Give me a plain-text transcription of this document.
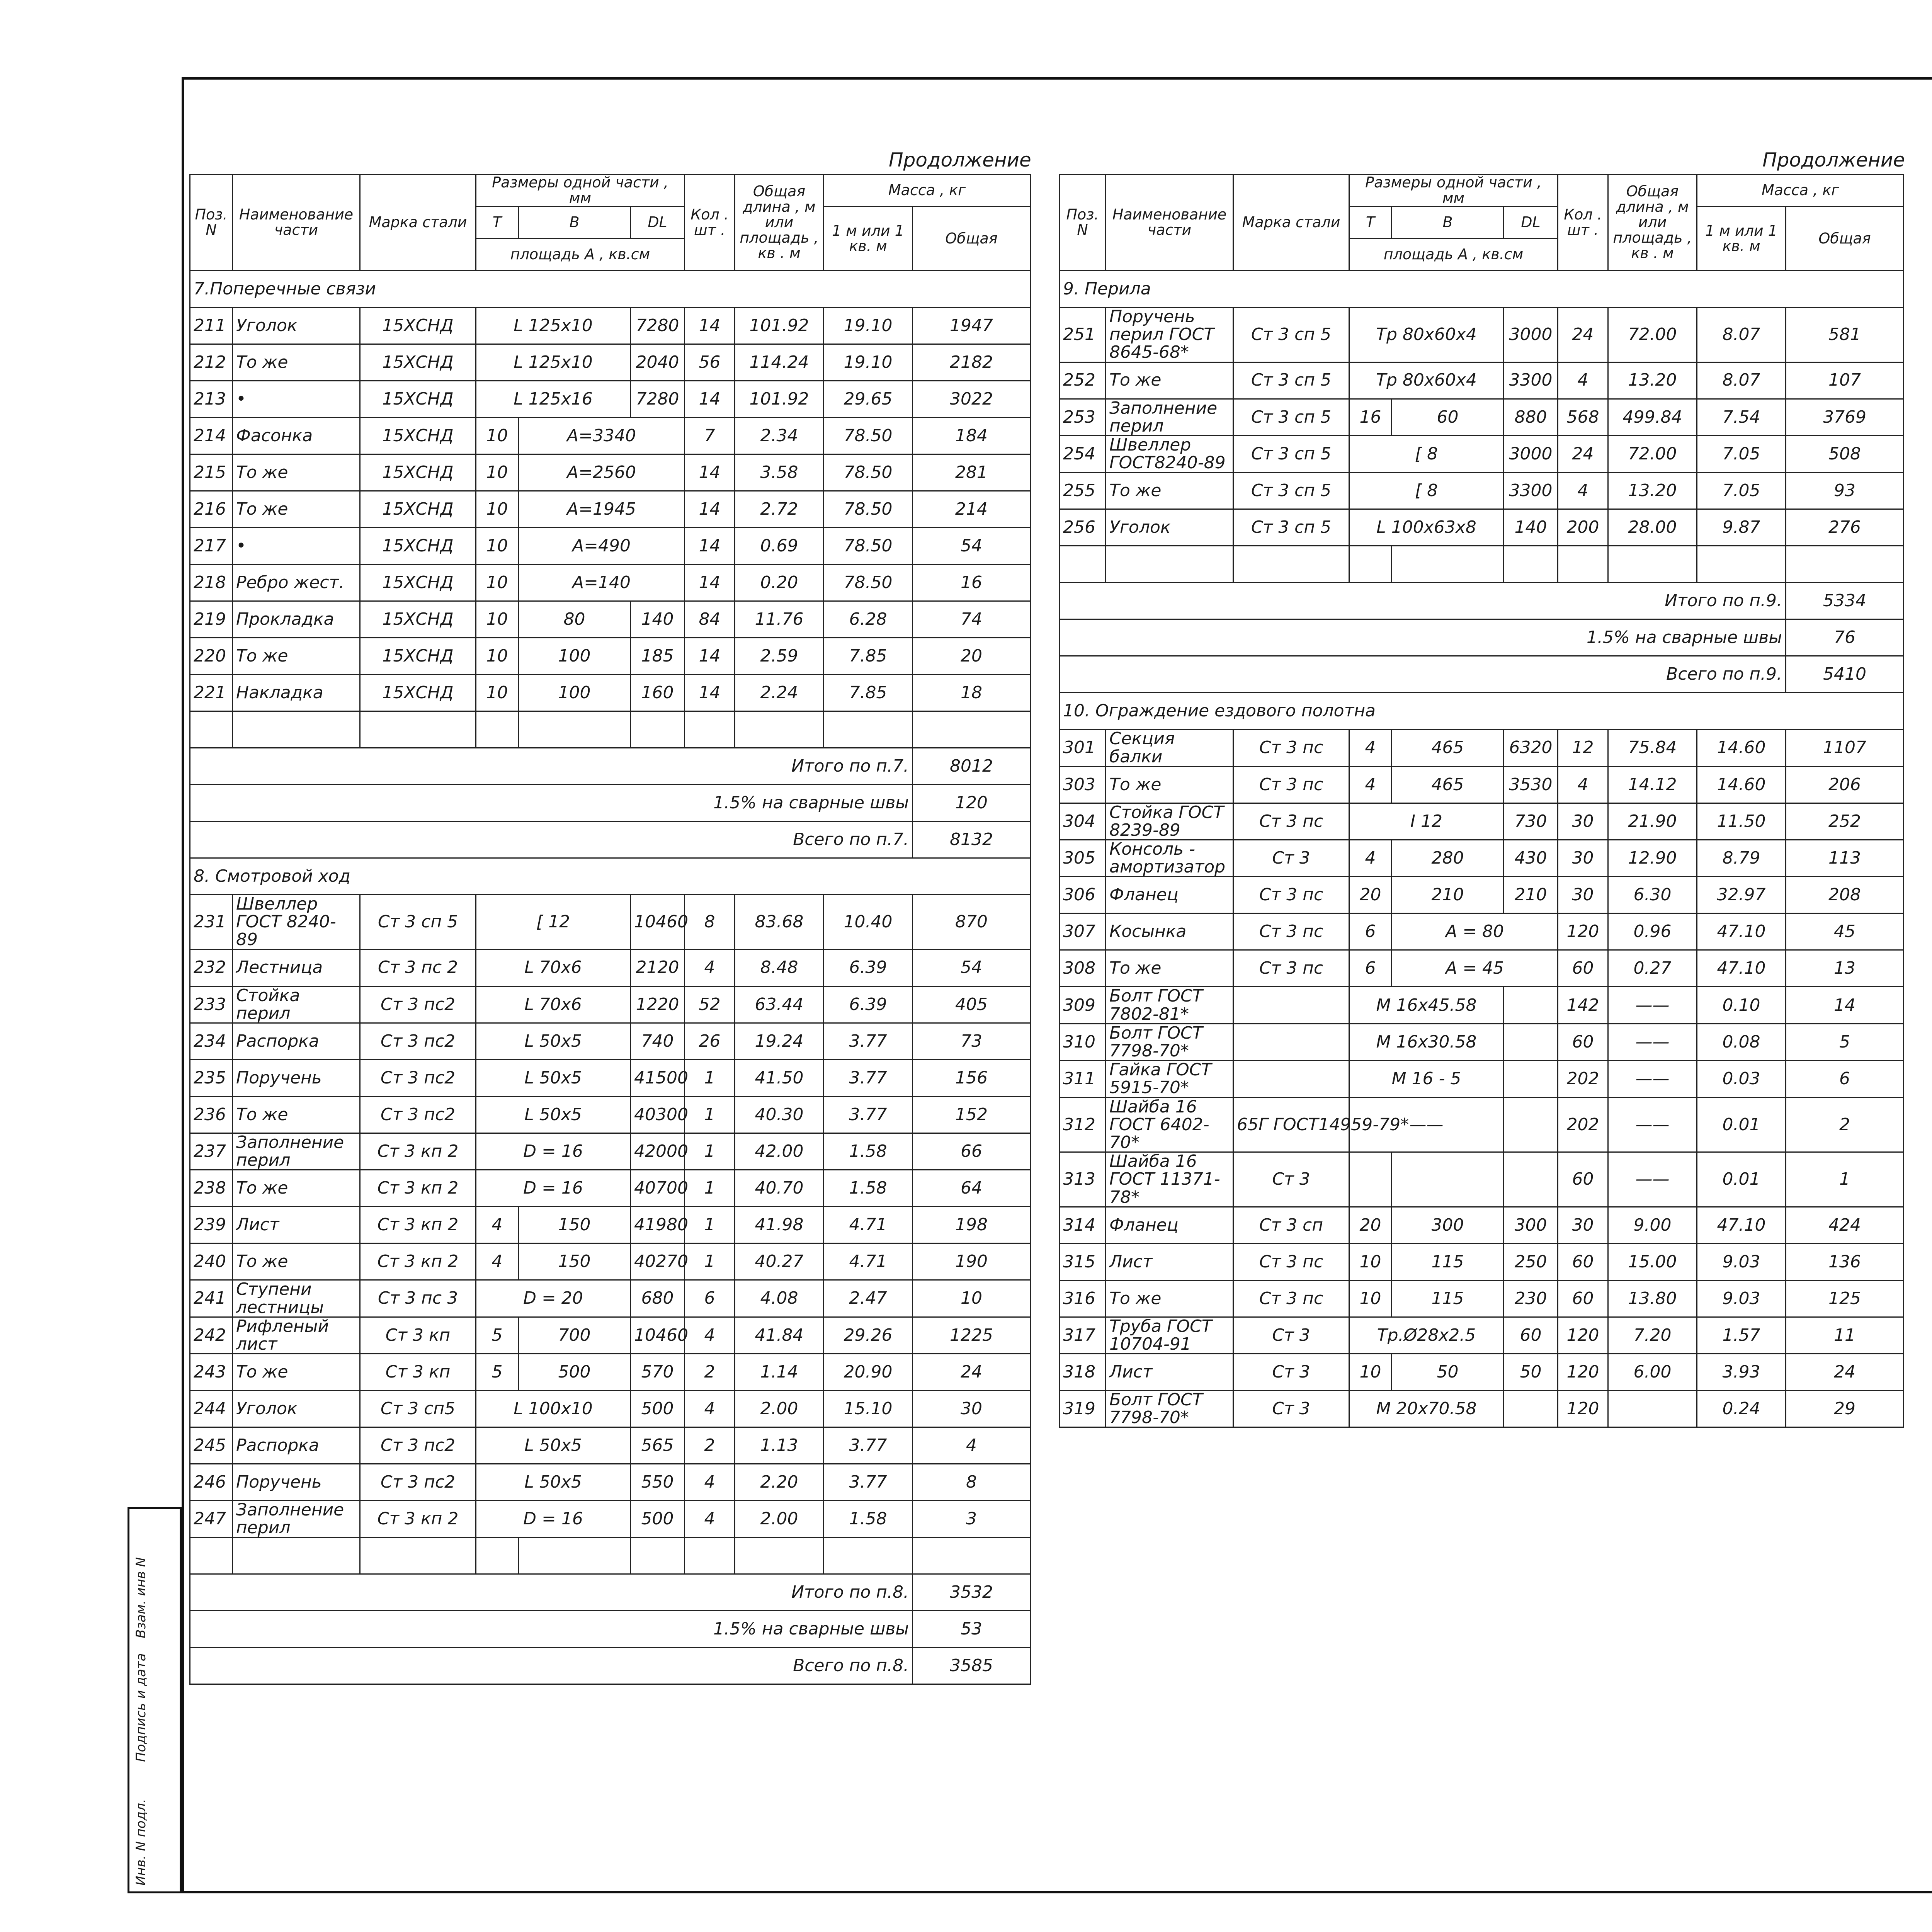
Продолжение	Продолжение
Поз. N	Наименование части	Марка стали	Размеры одной части , мм			Кол . шт .	Общая длина , м или площадь , кв . м	Масса , кг	
			T	B	DL			1 м или 1 кв. м	Общая
			площадь А , кв.см						
7.Поперечные связи									
211	Уголок	15ХСНД	L 125x10		7280	14	101.92	19.10	1947
212	То же	15ХСНД	L 125x10		2040	56	114.24	19.10	2182
213	•	15ХСНД	L 125x16		7280	14	101.92	29.65	3022
214	Фасонка	15ХСНД	10	A=3340		7	2.34	78.50	184
215	То же	15ХСНД	10	A=2560		14	3.58	78.50	281
216	То же	15ХСНД	10	A=1945		14	2.72	78.50	214
217	•	15ХСНД	10	A=490		14	0.69	78.50	54
218	Ребро жест.	15ХСНД	10	A=140		14	0.20	78.50	16
219	Прокладка	15ХСНД	10	80	140	84	11.76	6.28	74
220	То же	15ХСНД	10	100	185	14	2.59	7.85	20
221	Накладка	15ХСНД	10	100	160	14	2.24	7.85	18

Итого по п.7.									8012
1.5% на сварные швы									120
Всего по п.7.									8132
8. Смотровой ход									
231	Швеллер ГОСТ 8240-89	Ст 3 сп 5	[ 12		10460	8	83.68	10.40	870
232	Лестница	Ст 3 пс 2	L 70x6		2120	4	8.48	6.39	54
233	Стойка перил	Ст 3 пс2	L 70x6		1220	52	63.44	6.39	405
234	Распорка	Ст 3 пс2	L 50x5		740	26	19.24	3.77	73
235	Поручень	Ст 3 пс2	L 50x5		41500	1	41.50	3.77	156
236	То же	Ст 3 пс2	L 50x5		40300	1	40.30	3.77	152
237	Заполнение перил	Ст 3 кп 2	D = 16		42000	1	42.00	1.58	66
238	То же	Ст 3 кп 2	D = 16		40700	1	40.70	1.58	64
239	Лист	Ст 3 кп 2	4	150	41980	1	41.98	4.71	198
240	То же	Ст 3 кп 2	4	150	40270	1	40.27	4.71	190
241	Ступени лестницы	Ст 3 пс 3	D = 20		680	6	4.08	2.47	10
242	Рифленый лист	Ст 3 кп	5	700	10460	4	41.84	29.26	1225
243	То же	Ст 3 кп	5	500	570	2	1.14	20.90	24
244	Уголок	Ст 3 сп5	L 100x10		500	4	2.00	15.10	30
245	Распорка	Ст 3 пс2	L 50x5		565	2	1.13	3.77	4
246	Поручень	Ст 3 пс2	L 50x5		550	4	2.20	3.77	8
247	Заполнение перил	Ст 3 кп 2	D = 16		500	4	2.00	1.58	3

Итого по п.8.									3532
1.5% на сварные швы									53
Всего по п.8.									3585
Поз. N	Наименование части	Марка стали	Размеры одной части , мм			Кол . шт .	Общая длина , м или площадь , кв . м	Масса , кг	
			T	B	DL			1 м или 1 кв. м	Общая
			площадь А , кв.см						
9. Перила									
251	Поручень перил ГОСТ 8645-68*	Ст 3 сп 5	Тр 80х60х4		3000	24	72.00	8.07	581
252	То же	Ст 3 сп 5	Тр 80х60х4		3300	4	13.20	8.07	107
253	Заполнение перил	Ст 3 сп 5	16	60	880	568	499.84	7.54	3769
254	Швеллер ГОСТ8240-89	Ст 3 сп 5	[ 8		3000	24	72.00	7.05	508
255	То же	Ст 3 сп 5	[ 8		3300	4	13.20	7.05	93
256	Уголок	Ст 3 сп 5	L 100х63х8		140	200	28.00	9.87	276

Итого по п.9.									5334
1.5% на сварные швы									76
Всего по п.9.									5410
10. Ограждение ездового полотна									
301	Секция балки	Ст 3 пс	4	465	6320	12	75.84	14.60	1107
303	То же	Ст 3 пс	4	465	3530	4	14.12	14.60	206
304	Стойка ГОСТ 8239-89	Ст 3 пс	I 12		730	30	21.90	11.50	252
305	Консоль - амортизатор	Ст 3	4	280	430	30	12.90	8.79	113
306	Фланец	Ст 3 пс	20	210	210	30	6.30	32.97	208
307	Косынка	Ст 3 пс	6	A = 80		120	0.96	47.10	45
308	То же	Ст 3 пс	6	A = 45		60	0.27	47.10	13
309	Болт ГОСТ 7802-81*		М 16х45.58			142	——	0.10	14
310	Болт ГОСТ 7798-70*		М 16х30.58			60	——	0.08	5
311	Гайка ГОСТ 5915-70*		М 16 - 5			202	——	0.03	6
312	Шайба 16 ГОСТ 6402-70*	65Г ГОСТ14959-79*	——			202	——	0.01	2
313	Шайба 16 ГОСТ 11371-78*	Ст 3				60	——	0.01	1
314	Фланец	Ст 3 сп	20	300	300	30	9.00	47.10	424
315	Лист	Ст 3 пс	10	115	250	60	15.00	9.03	136
316	То же	Ст 3 пс	10	115	230	60	13.80	9.03	125
317	Труба ГОСТ 10704-91	Ст 3	Тр.Ø28х2.5		60	120	7.20	1.57	11
318	Лист	Ст 3	10	50	50	120	6.00	3.93	24
319	Болт ГОСТ 7798-70*	Ст 3	М 20х70.58			120		0.24	29

Инв. N подл.
Подпись и дата
Взам. инв N
